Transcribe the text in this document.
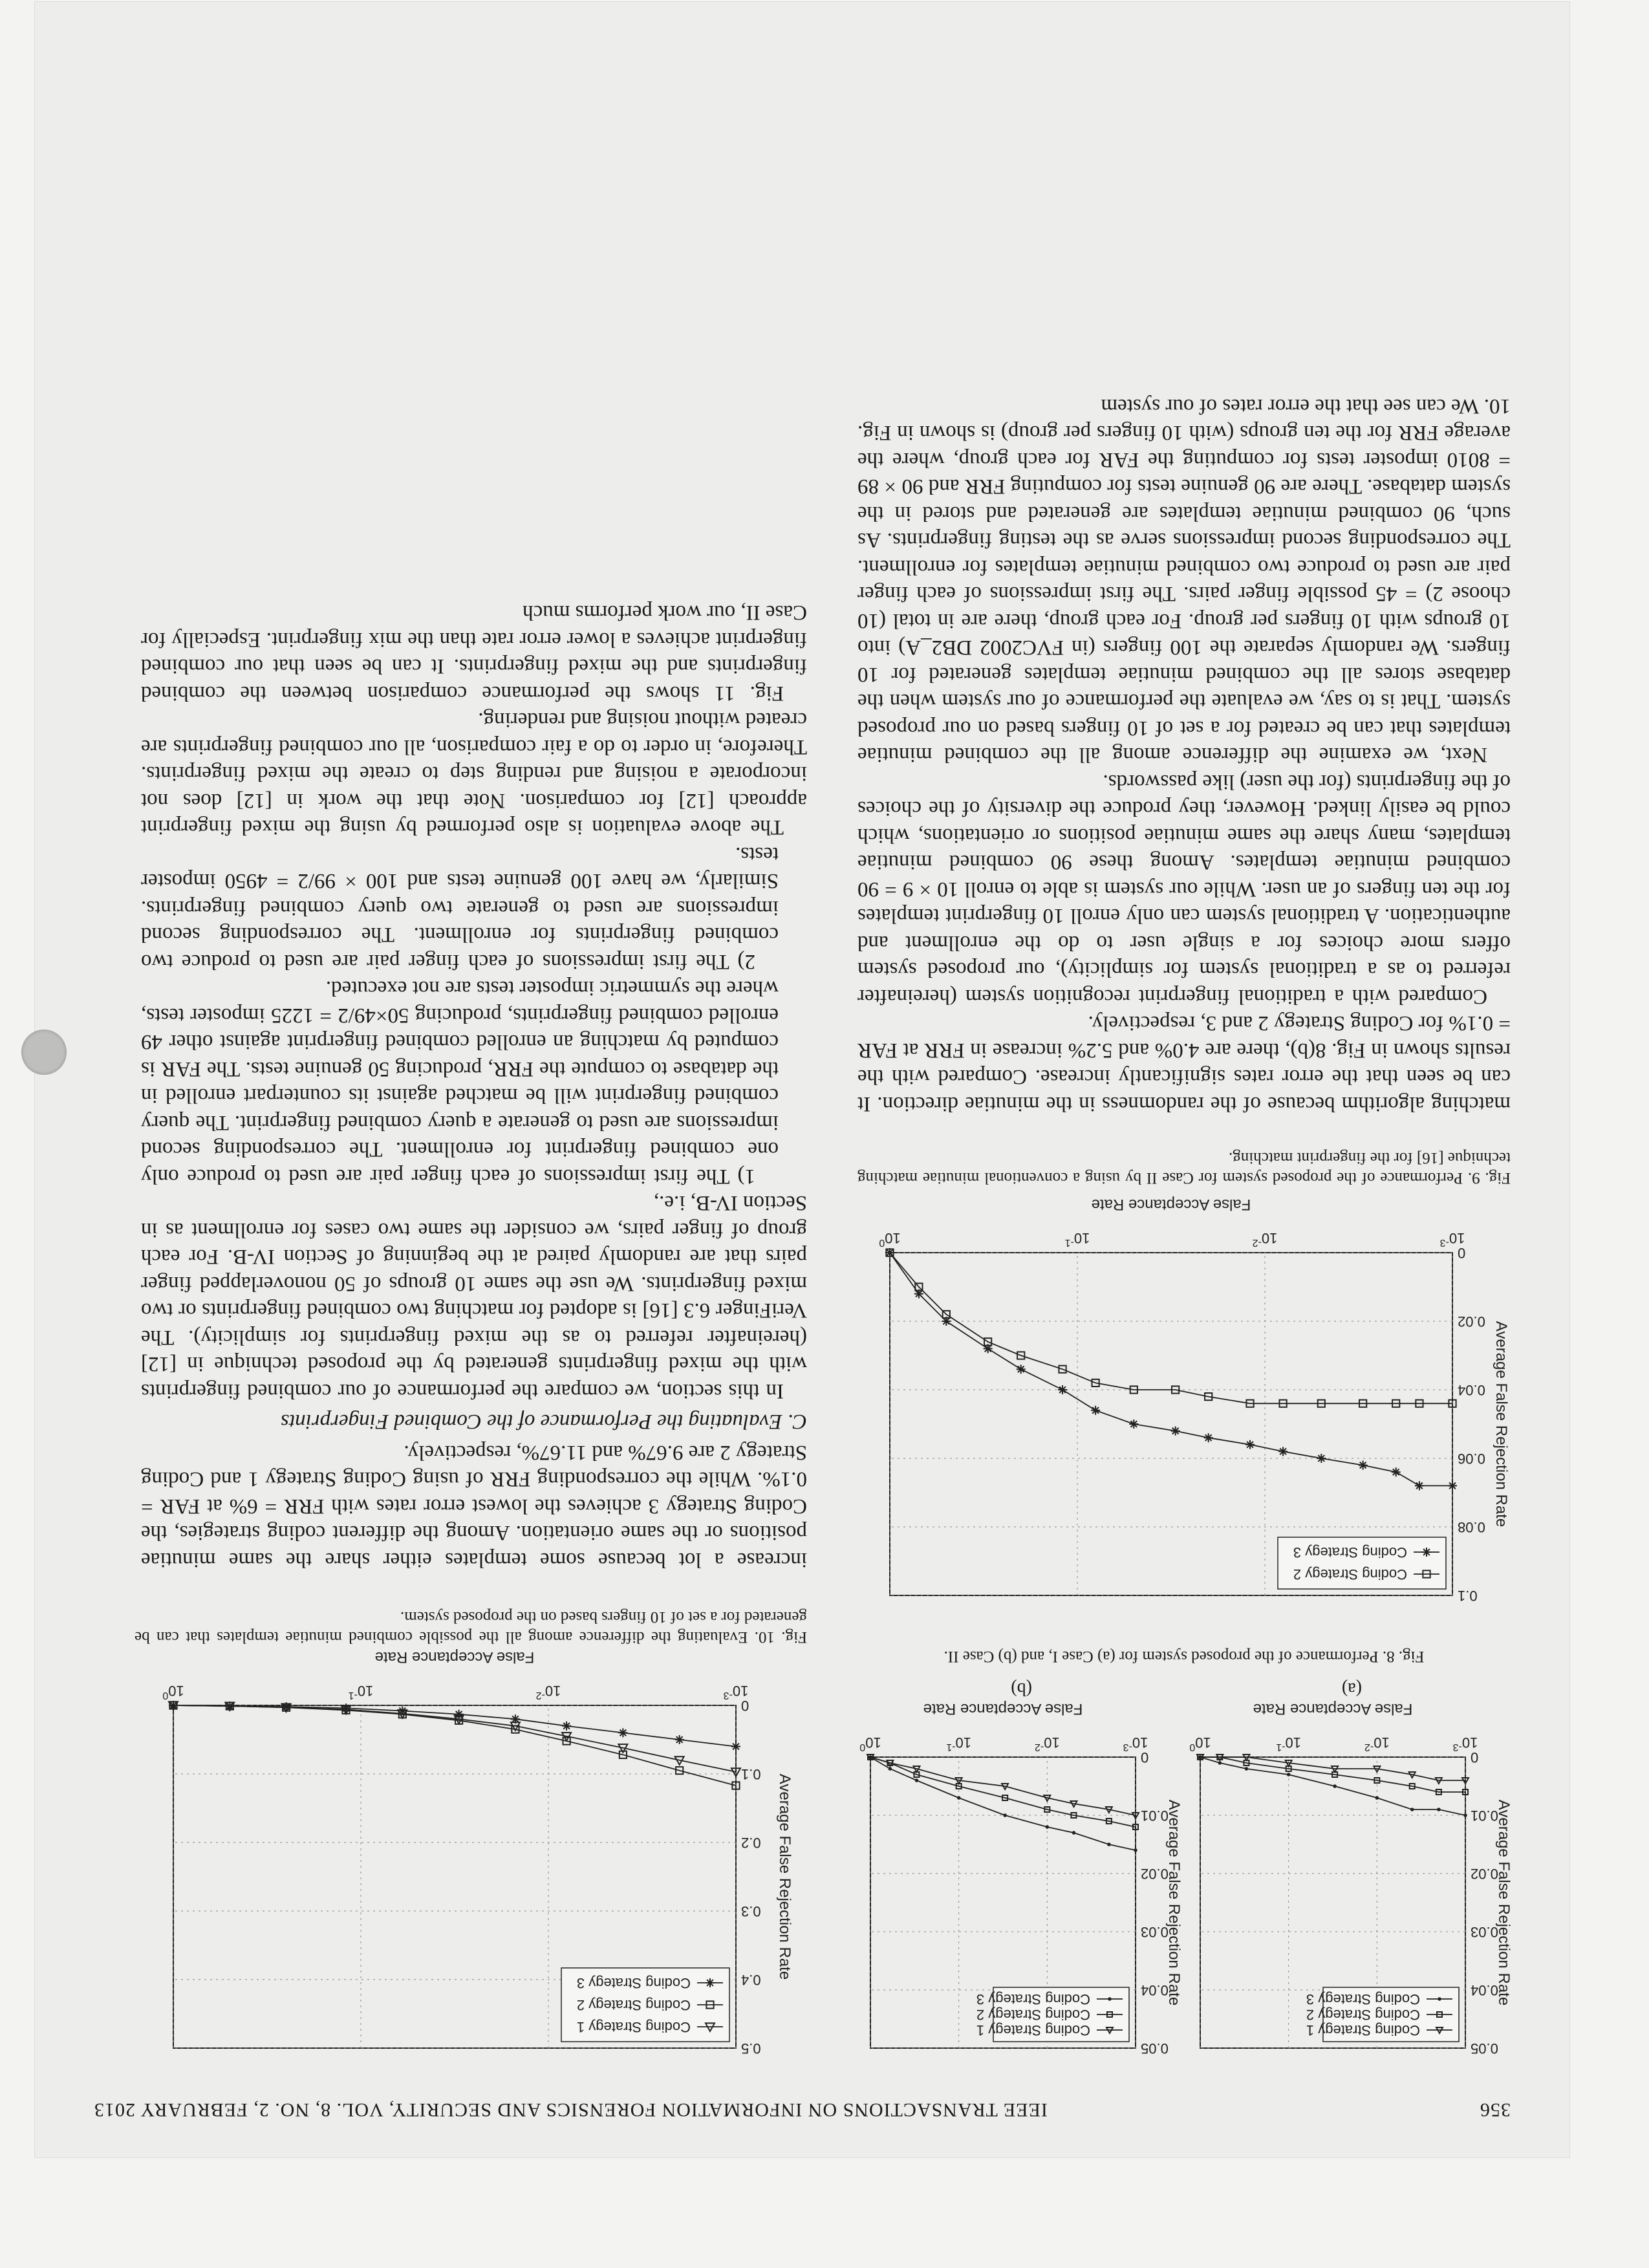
356
IEEE TRANSACTIONS ON INFORMATION FORENSICS AND SECURITY, VOL. 8, NO. 2, FEBRUARY 2013
0
0.01
0.02
0.03
0.04
0.05
$10^{-3}$
$10^{-2}$
$10^{-1}$
$10^0$
False Acceptance Rate
Average False Rejection Rate
Coding Strategy 1
Coding Strategy 2
Coding Strategy 3
0
0.01
0.02
0.03
0.04
0.05
$10^{-3}$
$10^{-2}$
$10^{-1}$
$10^0$
False Acceptance Rate
Average False Rejection Rate
Coding Strategy 1
Coding Strategy 2
Coding Strategy 3
(a)
(b)
Fig. 8. Performance of the proposed system for (a) Case I, and (b) Case II.
0
0.1
0.2
0.3
0.4
0.5
$10^{-3}$
$10^{-2}$
$10^{-1}$
$10^0$
False Acceptance Rate
Average False Rejection Rate
Coding Strategy 1
Coding Strategy 2
Coding Strategy 3
Fig. 10. Evaluating the difference among all the possible combined minutiae templates that can be generated for a set of 10 fingers based on the proposed system.
0
0.02
0.04
0.06
0.08
0.1
$10^{-3}$
$10^{-2}$
$10^{-1}$
$10^0$
False Acceptance Rate
Average False Rejection Rate
Coding Strategy 2
Coding Strategy 3
Fig. 9. Performance of the proposed system for Case II by using a conventional minutiae matching technique [16] for the fingerprint matching.

increase a lot because some templates either share the same minutiae positions or the same orientation. Among the different coding strategies, the Coding Strategy 3 achieves the lowest error rates with FRR = 6% at FAR = 0.1%. While the corresponding FRR of using Coding Strategy 1 and Coding Strategy 2 are 9.67% and 11.67%, respectively.

C. Evaluating the Performance of the Combined Fingerprints

In this section, we compare the performance of our combined fingerprints with the mixed fingerprints generated by the proposed technique in [12] (hereinafter referred to as the mixed fingerprints for simplicity). The VeriFinger 6.3 [16] is adopted for matching two combined fingerprints or two mixed fingerprints. We use the same 10 groups of 50 nonoverlapped finger pairs that are randomly paired at the beginning of Section IV-B. For each group of finger pairs, we consider the same two cases for enrollment as in Section IV-B, i.e.,

1) The first impressions of each finger pair are used to produce only one combined fingerprint for enrollment. The corresponding second impressions are used to generate a query combined fingerprint. The query combined fingerprint will be matched against its counterpart enrolled in the database to compute the FRR, producing 50 genuine tests. The FAR is computed by matching an enrolled combined fingerprint against other 49 enrolled combined fingerprints, producing 50×49/2 = 1225 imposter tests, where the symmetric imposter tests are not executed.

2) The first impressions of each finger pair are used to produce two combined fingerprints for enrollment. The corresponding second impressions are used to generate two query combined fingerprints. Similarly, we have 100 genuine tests and 100 × 99/2 = 4950 imposter tests.

The above evaluation is also performed by using the mixed fingerprint approach [12] for comparison. Note that the work in [12] does not incorporate a noising and rending step to create the mixed fingerprints. Therefore, in order to do a fair comparison, all our combined fingerprints are created without noising and rendering.

Fig. 11 shows the performance comparison between the combined fingerprints and the mixed fingerprints. It can be seen that our combined fingerprint achieves a lower error rate than the mix fingerprint. Especially for Case II, our work performs much

matching algorithm because of the randomness in the minutiae direction. It can be seen that the error rates significantly increase. Compared with the results shown in Fig. 8(b), there are 4.0% and 5.2% increase in FRR at FAR = 0.1% for Coding Strategy 2 and 3, respectively.

Compared with a traditional fingerprint recognition system (hereinafter referred to as a traditional system for simplicity), our proposed system offers more choices for a single user to do the enrollment and authentication. A traditional system can only enroll 10 fingerprint templates for the ten fingers of an user. While our system is able to enroll 10 × 9 = 90 combined minutiae templates. Among these 90 combined minutiae templates, many share the same minutiae positions or orientations, which could be easily linked. However, they produce the diversity of the choices of the fingerprints (for the user) like passwords.

Next, we examine the difference among all the combined minutiae templates that can be created for a set of 10 fingers based on our proposed system. That is to say, we evaluate the performance of our system when the database stores all the combined minutiae templates generated for 10 fingers. We randomly separate the 100 fingers (in FVC2002 DB2_A) into 10 groups with 10 fingers per group. For each group, there are in total (10 choose 2) = 45 possible finger pairs. The first impressions of each finger pair are used to produce two combined minutiae templates for enrollment. The corresponding second impressions serve as the testing fingerprints. As such, 90 combined minutiae templates are generated and stored in the system database. There are 90 genuine tests for computing FRR and 90 × 89 = 8010 imposter tests for computing the FAR for each group, where the average FRR for the ten groups (with 10 fingers per group) is shown in Fig. 10. We can see that the error rates of our system
